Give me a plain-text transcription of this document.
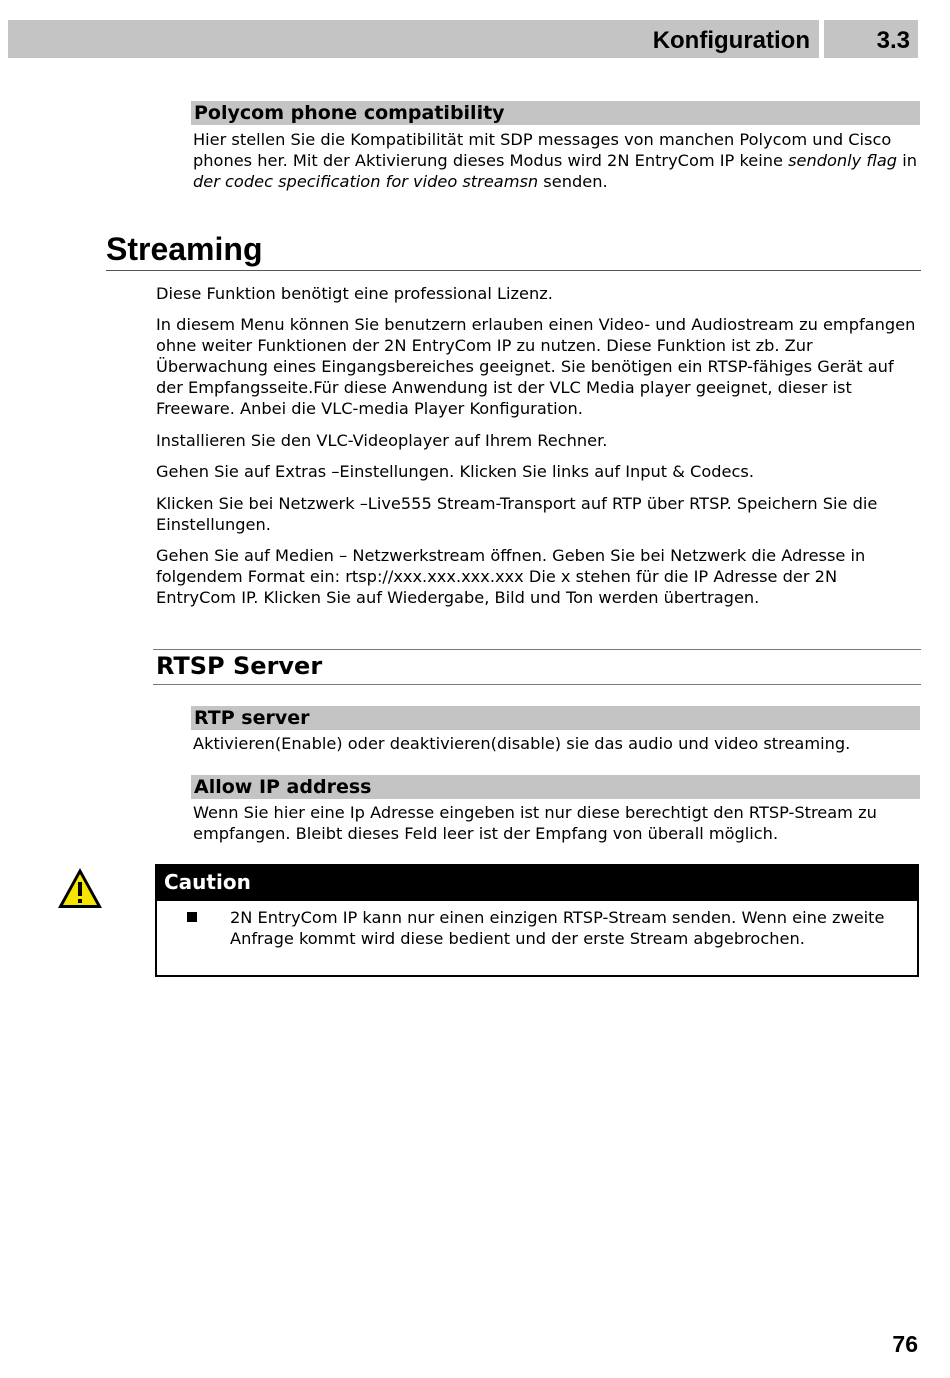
Konfiguration	3.3
Polycom phone compatibility
Hier stellen Sie die Kompatibilität mit SDP messages von manchen Polycom und Cisco phones her. Mit der Aktivierung dieses Modus wird 2N EntryCom IP keine sendonly flag in der codec specification for video streamsn senden.
Streaming
Diese Funktion benötigt eine professional Lizenz.
In diesem Menu können Sie benutzern erlauben einen Video- und Audiostream zu empfangen ohne weiter Funktionen der 2N EntryCom IP zu nutzen. Diese Funktion ist zb. Zur Überwachung eines Eingangsbereiches geeignet. Sie benötigen ein RTSP-fähiges Gerät auf der Empfangsseite.Für diese Anwendung ist der VLC Media player geeignet, dieser ist Freeware. Anbei die VLC-media Player Konfiguration.
Installieren Sie den VLC-Videoplayer auf Ihrem Rechner.
Gehen Sie auf Extras –Einstellungen. Klicken Sie links auf Input & Codecs.
Klicken Sie bei Netzwerk –Live555 Stream-Transport auf RTP über RTSP. Speichern Sie die Einstellungen.
Gehen Sie auf Medien – Netzwerkstream öffnen. Geben Sie bei Netzwerk die Adresse in folgendem Format ein: rtsp://xxx.xxx.xxx.xxx Die x stehen für die IP Adresse der 2N EntryCom IP. Klicken Sie auf Wiedergabe, Bild und Ton werden übertragen.
RTSP Server
RTP server
Aktivieren(Enable) oder deaktivieren(disable) sie das audio und video streaming.
Allow IP address
Wenn Sie hier eine Ip Adresse eingeben ist nur diese berechtigt den RTSP-Stream zu empfangen. Bleibt dieses Feld leer ist der Empfang von überall möglich.
Caution
2N EntryCom IP kann nur einen einzigen RTSP-Stream senden. Wenn eine zweite Anfrage kommt wird diese bedient und der erste Stream abgebrochen.
76
